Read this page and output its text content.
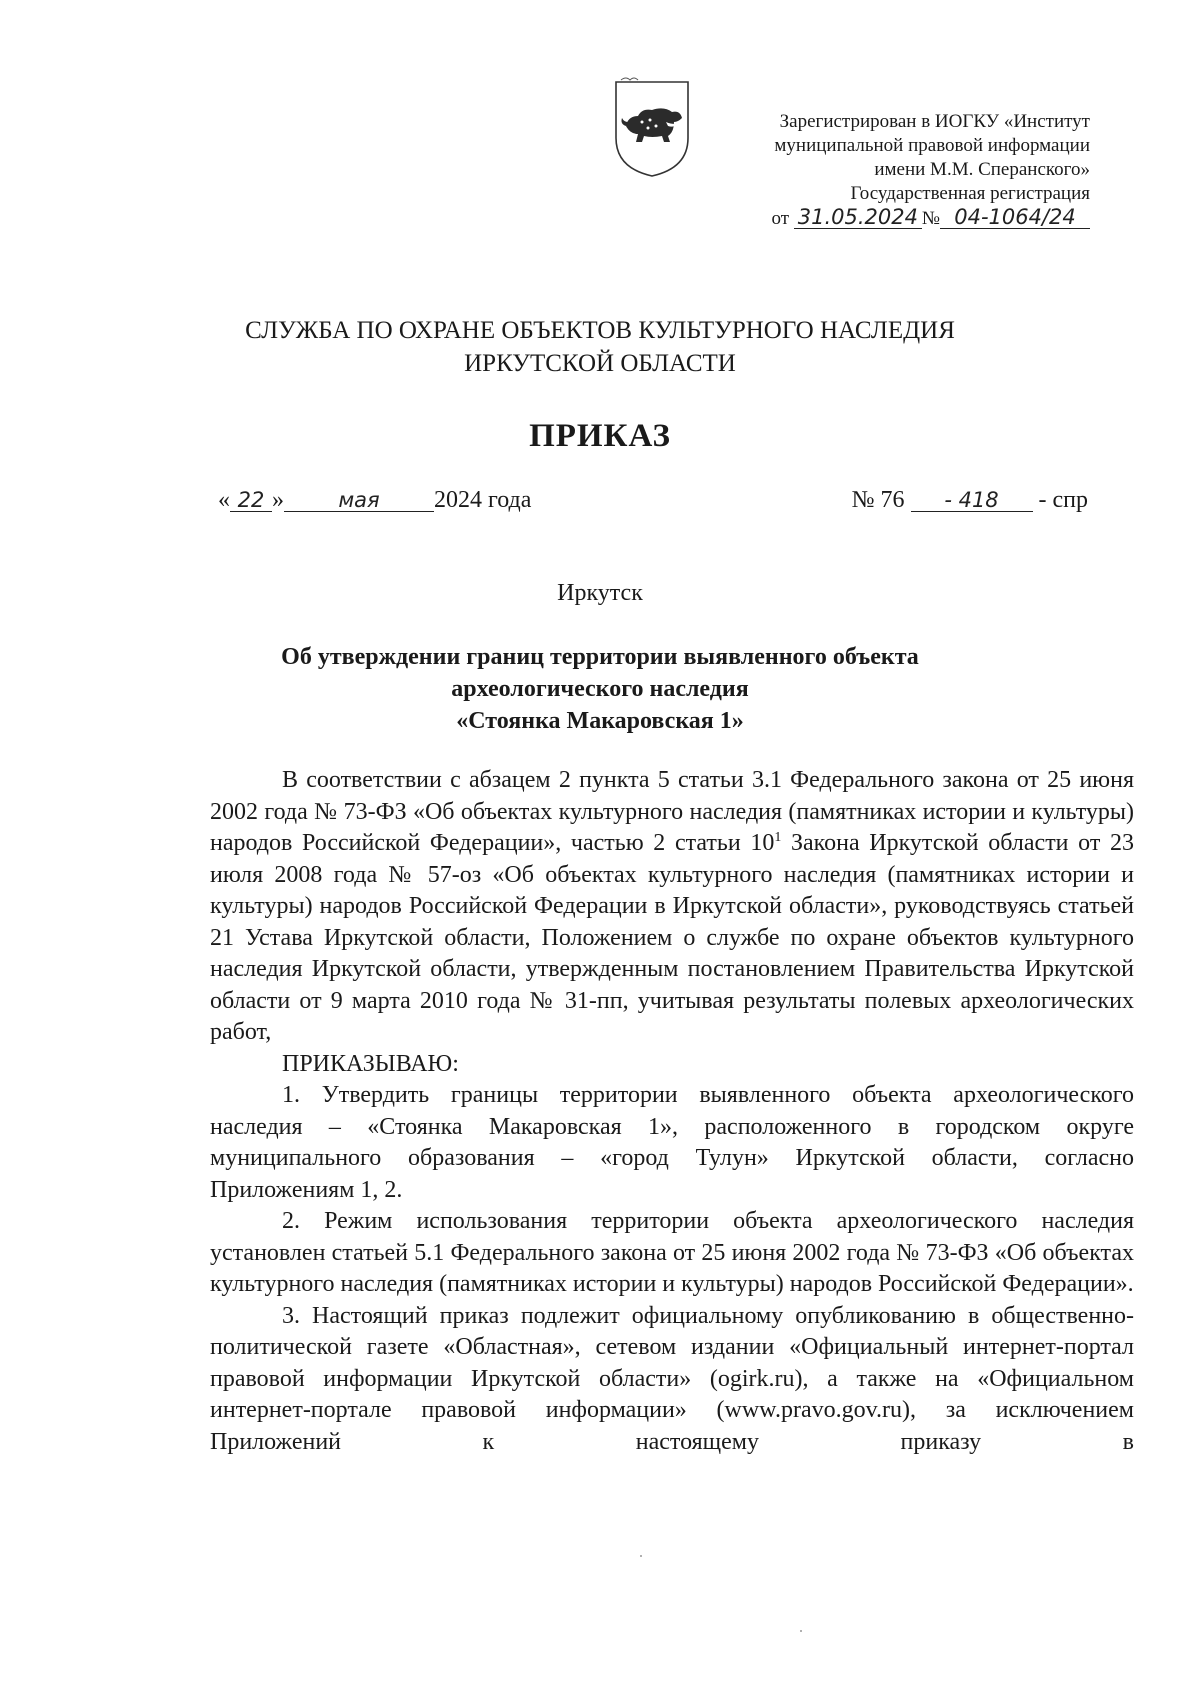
Зарегистрирован в ИОГКУ «Институт
муниципальной правовой информации
имени М.М. Сперанского»
Государственная регистрация
от 31.05.2024 № 04-1064/24
СЛУЖБА ПО ОХРАНЕ ОБЪЕКТОВ КУЛЬТУРНОГО НАСЛЕДИЯ
ИРКУТСКОЙ ОБЛАСТИ
ПРИКАЗ
« 22 »	мая 2024 года	№ 76 - 418 - спр
Иркутск
Об утверждении границ территории выявленного объекта
археологического наследия
«Стоянка Макаровская 1»

В соответствии с абзацем 2 пункта 5 статьи 3.1 Федерального закона от 25 июня 2002 года № 73-ФЗ «Об объектах культурного наследия (памятниках истории и культуры) народов Российской Федерации», частью 2 статьи $10^1$ Закона Иркутской области от 23 июля 2008 года № 57-оз «Об объектах культурного наследия (памятниках истории и культуры) народов Российской Федерации в Иркутской области», руководствуясь статьей 21 Устава Иркутской области, Положением о службе по охране объектов культурного наследия Иркутской области, утвержденным постановлением Правительства Иркутской области от 9 марта 2010 года № 31-пп, учитывая результаты полевых археологических работ,

ПРИКАЗЫВАЮ:

1. Утвердить границы территории выявленного объекта археологического наследия – «Стоянка Макаровская 1», расположенного в городском округе муниципального образования – «город Тулун» Иркутской области, согласно Приложениям 1, 2.

2. Режим использования территории объекта археологического наследия установлен статьей 5.1 Федерального закона от 25 июня 2002 года № 73-ФЗ «Об объектах культурного наследия (памятниках истории и культуры) народов Российской Федерации».

3. Настоящий приказ подлежит официальному опубликованию в общественно-политической газете «Областная», сетевом издании «Официальный интернет-портал правовой информации Иркутской области» (ogirk.ru), а также на «Официальном интернет-портале правовой информации» (www.pravo.gov.ru), за исключением Приложений к настоящему приказу в
